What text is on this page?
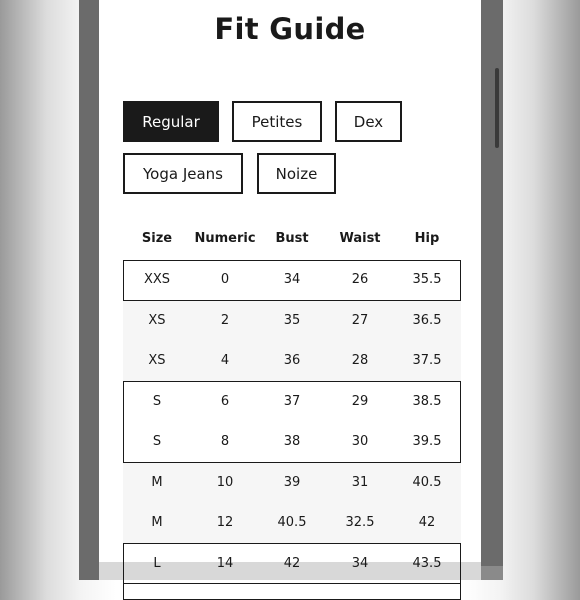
Fit Guide
Regular	Petites	Dex
Yoga Jeans	Noize
Size	Numeric	Bust	Waist	Hip
XXS	0	34	26	35.5
XS	2	35	27	36.5
XS	4	36	28	37.5
S	6	37	29	38.5
S	8	38	30	39.5
M	10	39	31	40.5
M	12	40.5	32.5	42
L	14	42	34	43.5
